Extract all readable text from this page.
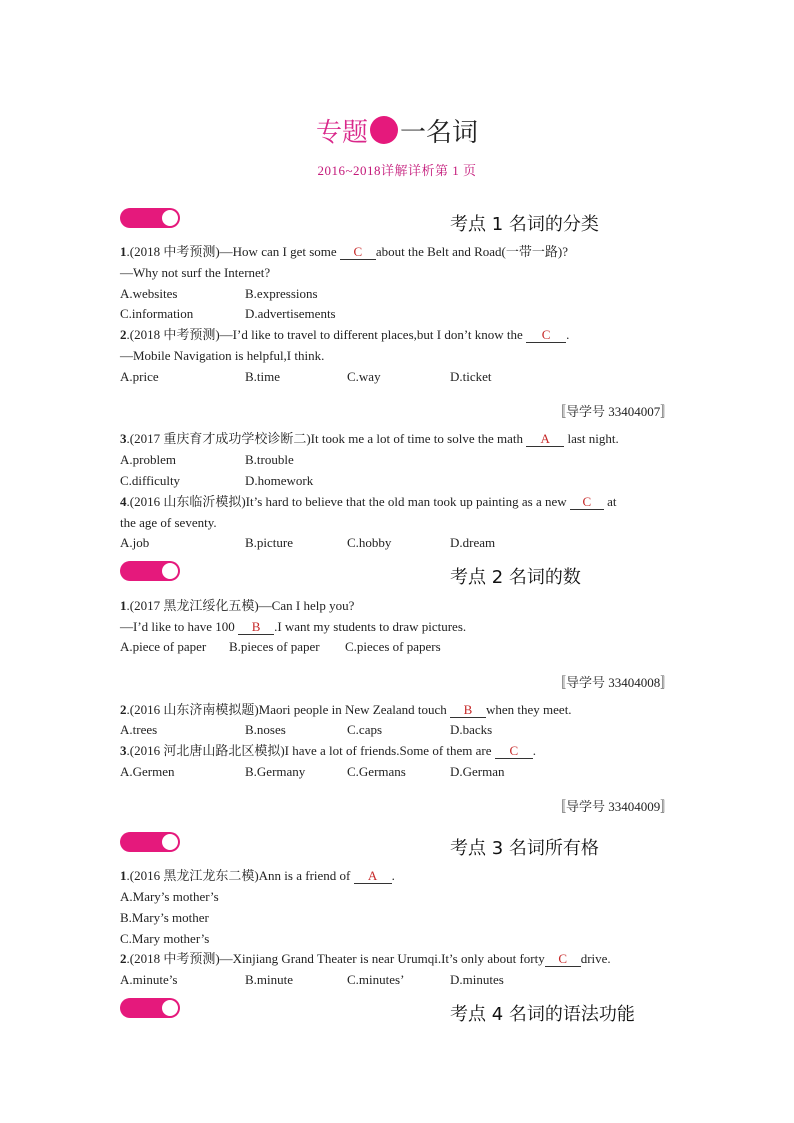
专题 一名词
2016~2018详解详析第 1 页
考点 1 名词的分类
1.(2018 中考预测)—How can I get some C about the Belt and Road(一带一路)?
—Why not surf the Internet?
A.websites	B.expressions
C.information	D.advertisements
2.(2018 中考预测)—I’d like to travel to different places,but I don’t know the C .
—Mobile Navigation is helpful,I think.
A.price	B.time	C.way	D.ticket
〚导学号 33404007〛
3.(2017 重庆育才成功学校诊断二)It took me a lot of time to solve the math A last night.
A.problem	B.trouble
C.difficulty	D.homework
4.(2016 山东临沂模拟)It’s hard to believe that the old man took up painting as a new C at
the age of seventy.
A.job	B.picture	C.hobby	D.dream
考点 2 名词的数
1.(2017 黑龙江绥化五模)—Can I help you?
—I’d like to have 100 B .I want my students to draw pictures.
A.piece of paper B.pieces of paper C.pieces of papers
〚导学号 33404008〛
2.(2016 山东济南模拟题)Maori people in New Zealand touch B when they meet.
A.trees	B.noses	C.caps	D.backs
3.(2016 河北唐山路北区模拟)I have a lot of friends.Some of them are C .
A.Germen	B.Germany	C.Germans	D.German
〚导学号 33404009〛
考点 3 名词所有格
1.(2016 黑龙江龙东二模)Ann is a friend of A .
A.Mary’s mother’s
B.Mary’s mother
C.Mary mother’s
2.(2018 中考预测)—Xinjiang Grand Theater is near Urumqi.It’s only about forty C drive.
A.minute’s	B.minute	C.minutes’	D.minutes
考点 4 名词的语法功能
